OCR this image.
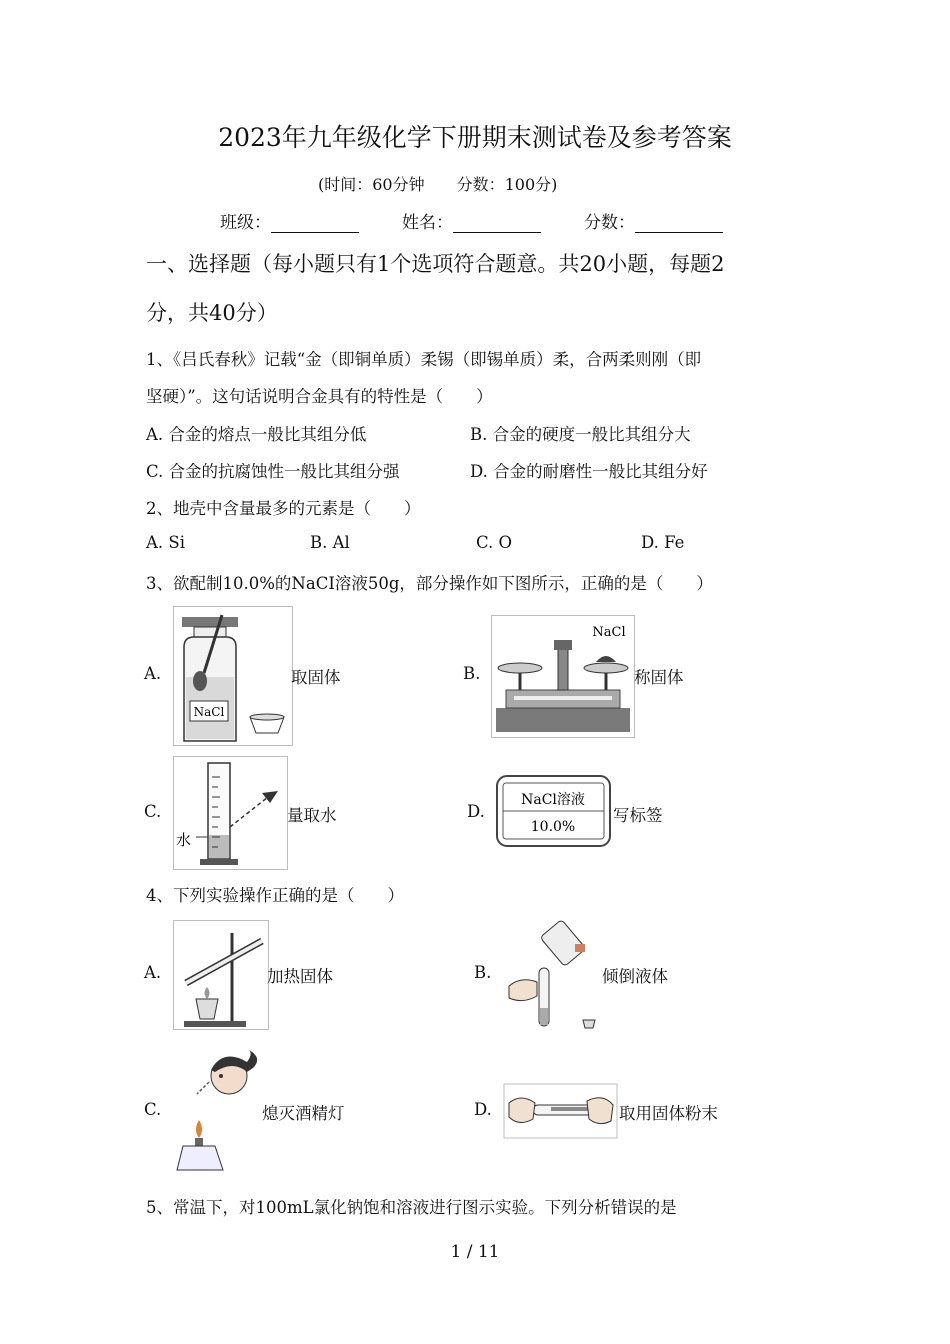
2023年九年级化学下册期末测试卷及参考答案
(时间：60分钟 分数：100分)
班级：	姓名：	分数：
一、选择题（每小题只有1个选项符合题意。共20小题，每题2
分，共40分）
1、《吕氏春秋》记载“金（即铜单质）柔锡（即锡单质）柔，合两柔则刚（即
坚硬）”。这句话说明合金具有的特性是（　　）
A. 合金的熔点一般比其组分低	B. 合金的硬度一般比其组分大
C. 合金的抗腐蚀性一般比其组分强	D. 合金的耐磨性一般比其组分好
2、地壳中含量最多的元素是（　　）
A. Si	B. Al	C. O	D. Fe
3、欲配制10.0%的NaCI溶液50g，部分操作如下图所示，正确的是（　　）
A.
NaCl
取固体	B.
NaCl
称固体
C.
水
量取水	D.
NaCl溶液
10.0%
写标签
4、下列实验操作正确的是（　　）
A.	加热固体	B.	倾倒液体
C.	熄灭酒精灯	D.	取用固体粉末
5、常温下，对100mL氯化钠饱和溶液进行图示实验。下列分析错误的是
1 / 11
